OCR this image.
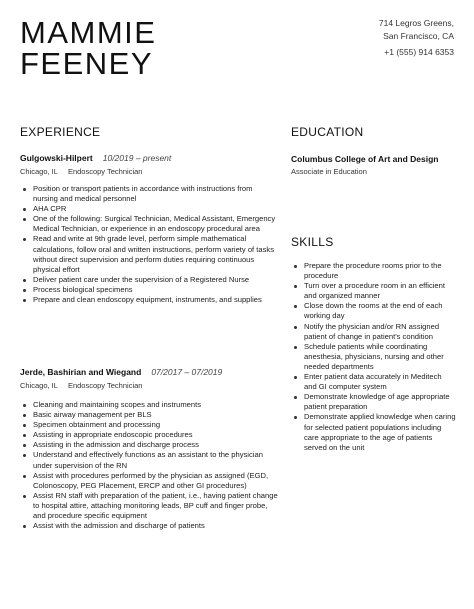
MAMMIE
FEENEY
714 Legros Greens,
San Francisco, CA
+1 (555) 914 6353
EXPERIENCE
Gulgowski-Hilpert 10/2019 – present
Chicago, IL Endoscopy Technician
Position or transport patients in accordance with instructions from nursing and medical personnel
AHA CPR
One of the following: Surgical Technician, Medical Assistant, Emergency Medical Technician, or experience in an endoscopy procedural area
Read and write at 9th grade level, perform simple mathematical calculations, follow oral and written instructions, perform variety of tasks without direct supervision and perform duties requiring continuous physical effort
Deliver patient care under the supervision of a Registered Nurse
Process biological specimens
Prepare and clean endoscopy equipment, instruments, and supplies
Jerde, Bashirian and Wiegand 07/2017 – 07/2019
Chicago, IL Endoscopy Technician
Cleaning and maintaining scopes and instruments
Basic airway management per BLS
Specimen obtainment and processing
Assisting in appropriate endoscopic procedures
Assisting in the admission and discharge process
Understand and effectively functions as an assistant to the physician under supervision of the RN
Assist with procedures performed by the physician as assigned (EGD, Colonoscopy, PEG Placement, ERCP and other GI procedures)
Assist RN staff with preparation of the patient, i.e., having patient change to hospital attire, attaching monitoring leads, BP cuff and finger probe, and procedure specific equipment
Assist with the admission and discharge of patients
EDUCATION
Columbus College of Art and Design
Associate in Education
SKILLS
Prepare the procedure rooms prior to the procedure
Turn over a procedure room in an efficient and organized manner
Close down the rooms at the end of each working day
Notify the physician and/or RN assigned patient of change in patient's condition
Schedule patients while coordinating anesthesia, physicians, nursing and other needed departments
Enter patient data accurately in Meditech and GI computer system
Demonstrate knowledge of age appropriate patient preparation
Demonstrate applied knowledge when caring for selected patient populations including care appropriate to the age of patients served on the unit
